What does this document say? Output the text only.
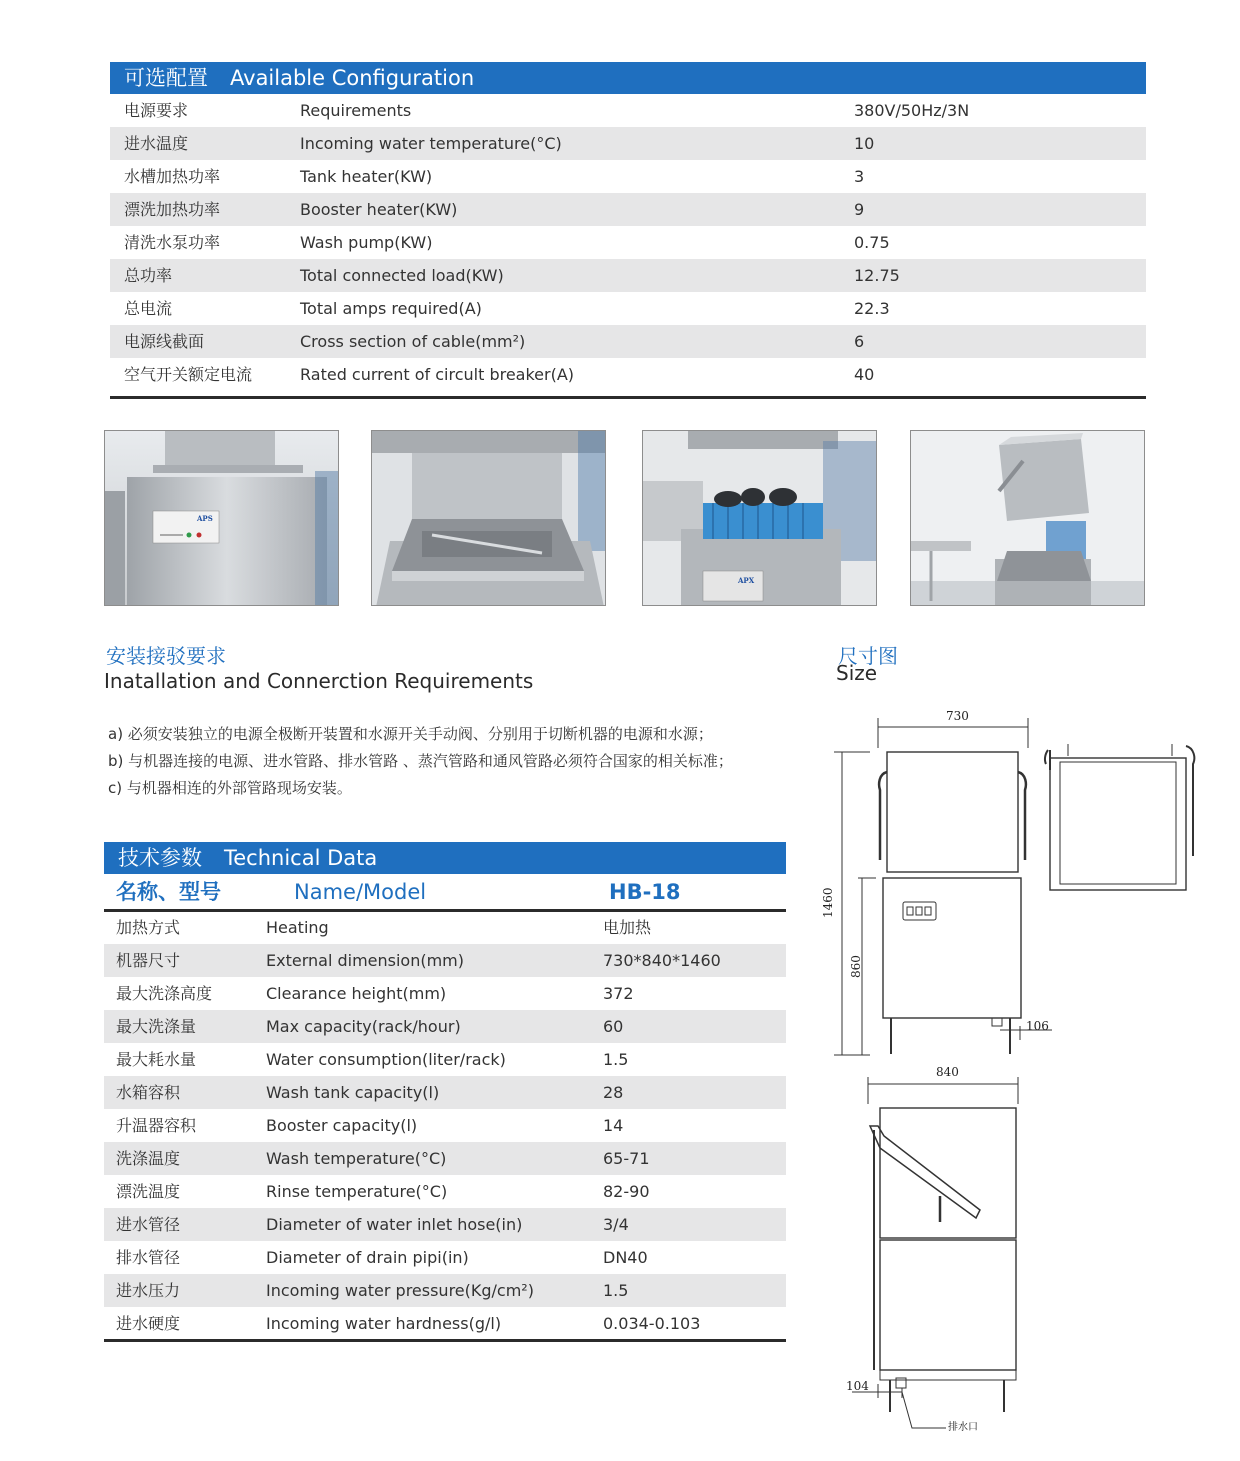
可选配置 Available Configuration
电源要求	Requirements	380V/50Hz/3N
进水温度	Incoming water temperature(°C)	10
水槽加热功率	Tank heater(KW)	3
漂洗加热功率	Booster heater(KW)	9
清洗水泵功率	Wash pump(KW)	0.75
总功率	Total connected load(KW)	12.75
总电流	Total amps required(A)	22.3
电源线截面	Cross section of cable(mm²)	6
空气开关额定电流	Rated current of circult breaker(A)	40
APS
APX
安装接驳要求
Inatallation and Connerction Requirements
a) 必须安装独立的电源全极断开装置和水源开关手动阀、分别用于切断机器的电源和水源；
b) 与机器连接的电源、进水管路、排水管路 、蒸汽管路和通风管路必须符合国家的相关标准；
c) 与机器相连的外部管路现场安装。
尺寸图
Size
技术参数 Technical Data
名称、型号	Name/Model	HB-18
加热方式	Heating	电加热
机器尺寸	External dimension(mm)	730*840*1460
最大洗涤高度	Clearance height(mm)	372
最大洗涤量	Max capacity(rack/hour)	60
最大耗水量	Water consumption(liter/rack)	1.5
水箱容积	Wash tank capacity(l)	28
升温器容积	Booster capacity(l)	14
洗涤温度	Wash temperature(°C)	65-71
漂洗温度	Rinse temperature(°C)	82-90
进水管径	Diameter of water inlet hose(in)	3/4
排水管径	Diameter of drain pipi(in)	DN40
进水压力	Incoming water pressure(Kg/cm²)	1.5
进水硬度	Incoming water hardness(g/l)	0.034-0.103
730
1460
860
106
840
104
排水口
